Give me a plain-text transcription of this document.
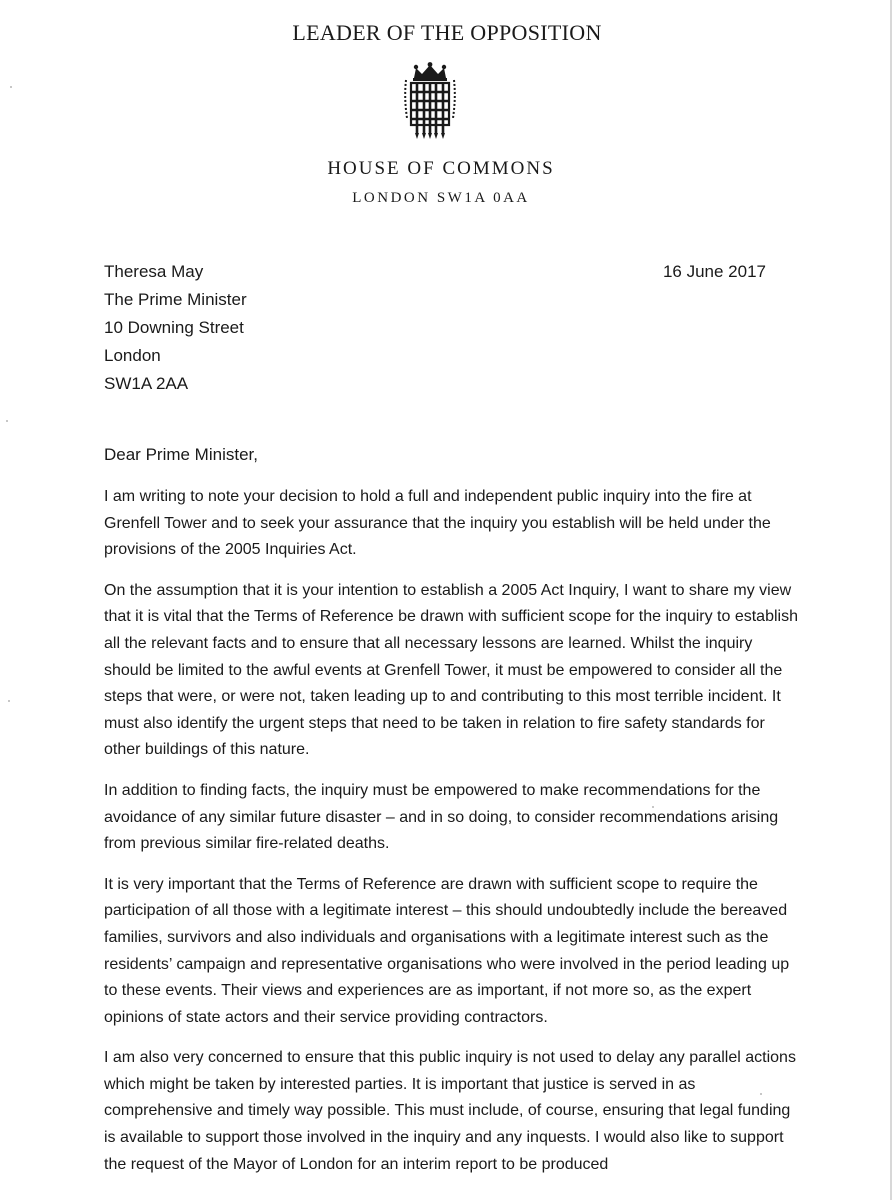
LEADER OF THE OPPOSITION
HOUSE OF COMMONS
LONDON SW1A 0AA
Theresa May
The Prime Minister
10 Downing Street
London
SW1A 2AA
16 June 2017
Dear Prime Minister,

I am writing to note your decision to hold a full and independent public inquiry into the fire at Grenfell Tower and to seek your assurance that the inquiry you establish will be held under the provisions of the 2005 Inquiries Act.

On the assumption that it is your intention to establish a 2005 Act Inquiry, I want to share my view that it is vital that the Terms of Reference be drawn with sufficient scope for the inquiry to establish all the relevant facts and to ensure that all necessary lessons are learned. Whilst the inquiry should be limited to the awful events at Grenfell Tower, it must be empowered to consider all the steps that were, or were not, taken leading up to and contributing to this most terrible incident. It must also identify the urgent steps that need to be taken in relation to fire safety standards for other buildings of this nature.

In addition to finding facts, the inquiry must be empowered to make recommendations for the avoidance of any similar future disaster – and in so doing, to consider recommendations arising from previous similar fire-related deaths.

It is very important that the Terms of Reference are drawn with sufficient scope to require the participation of all those with a legitimate interest – this should undoubtedly include the bereaved families, survivors and also individuals and organisations with a legitimate interest such as the residents’ campaign and representative organisations who were involved in the period leading up to these events. Their views and experiences are as important, if not more so, as the expert opinions of state actors and their service providing contractors.

I am also very concerned to ensure that this public inquiry is not used to delay any parallel actions which might be taken by interested parties. It is important that justice is served in as comprehensive and timely way possible. This must include, of course, ensuring that legal funding is available to support those involved in the inquiry and any inquests. I would also like to support the request of the Mayor of London for an interim report to be produced
